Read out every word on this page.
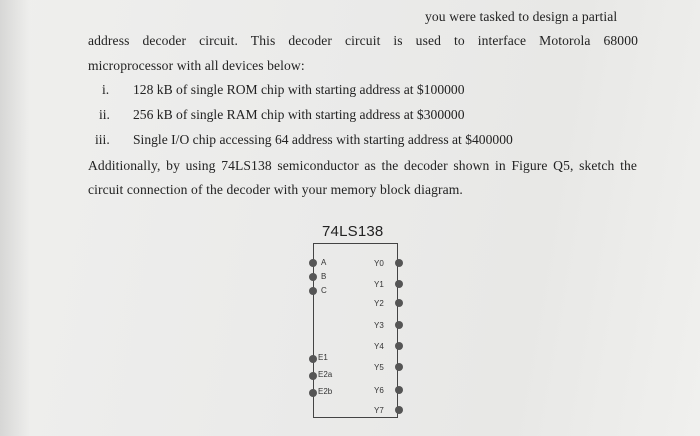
you were tasked to design a partial
address decoder circuit. This decoder circuit is used to interface Motorola 68000
microprocessor with all devices below:
i. 128 kB of single ROM chip with starting address at $100000
ii. 256 kB of single RAM chip with starting address at $300000
iii. Single I/O chip accessing 64 address with starting address at $400000
Additionally, by using 74LS138 semiconductor as the decoder shown in Figure Q5, sketch the
circuit connection of the decoder with your memory block diagram.
74LS138
A
B
C
E1
E2a
E2b
Y0
Y1
Y2
Y3
Y4
Y5
Y6
Y7
